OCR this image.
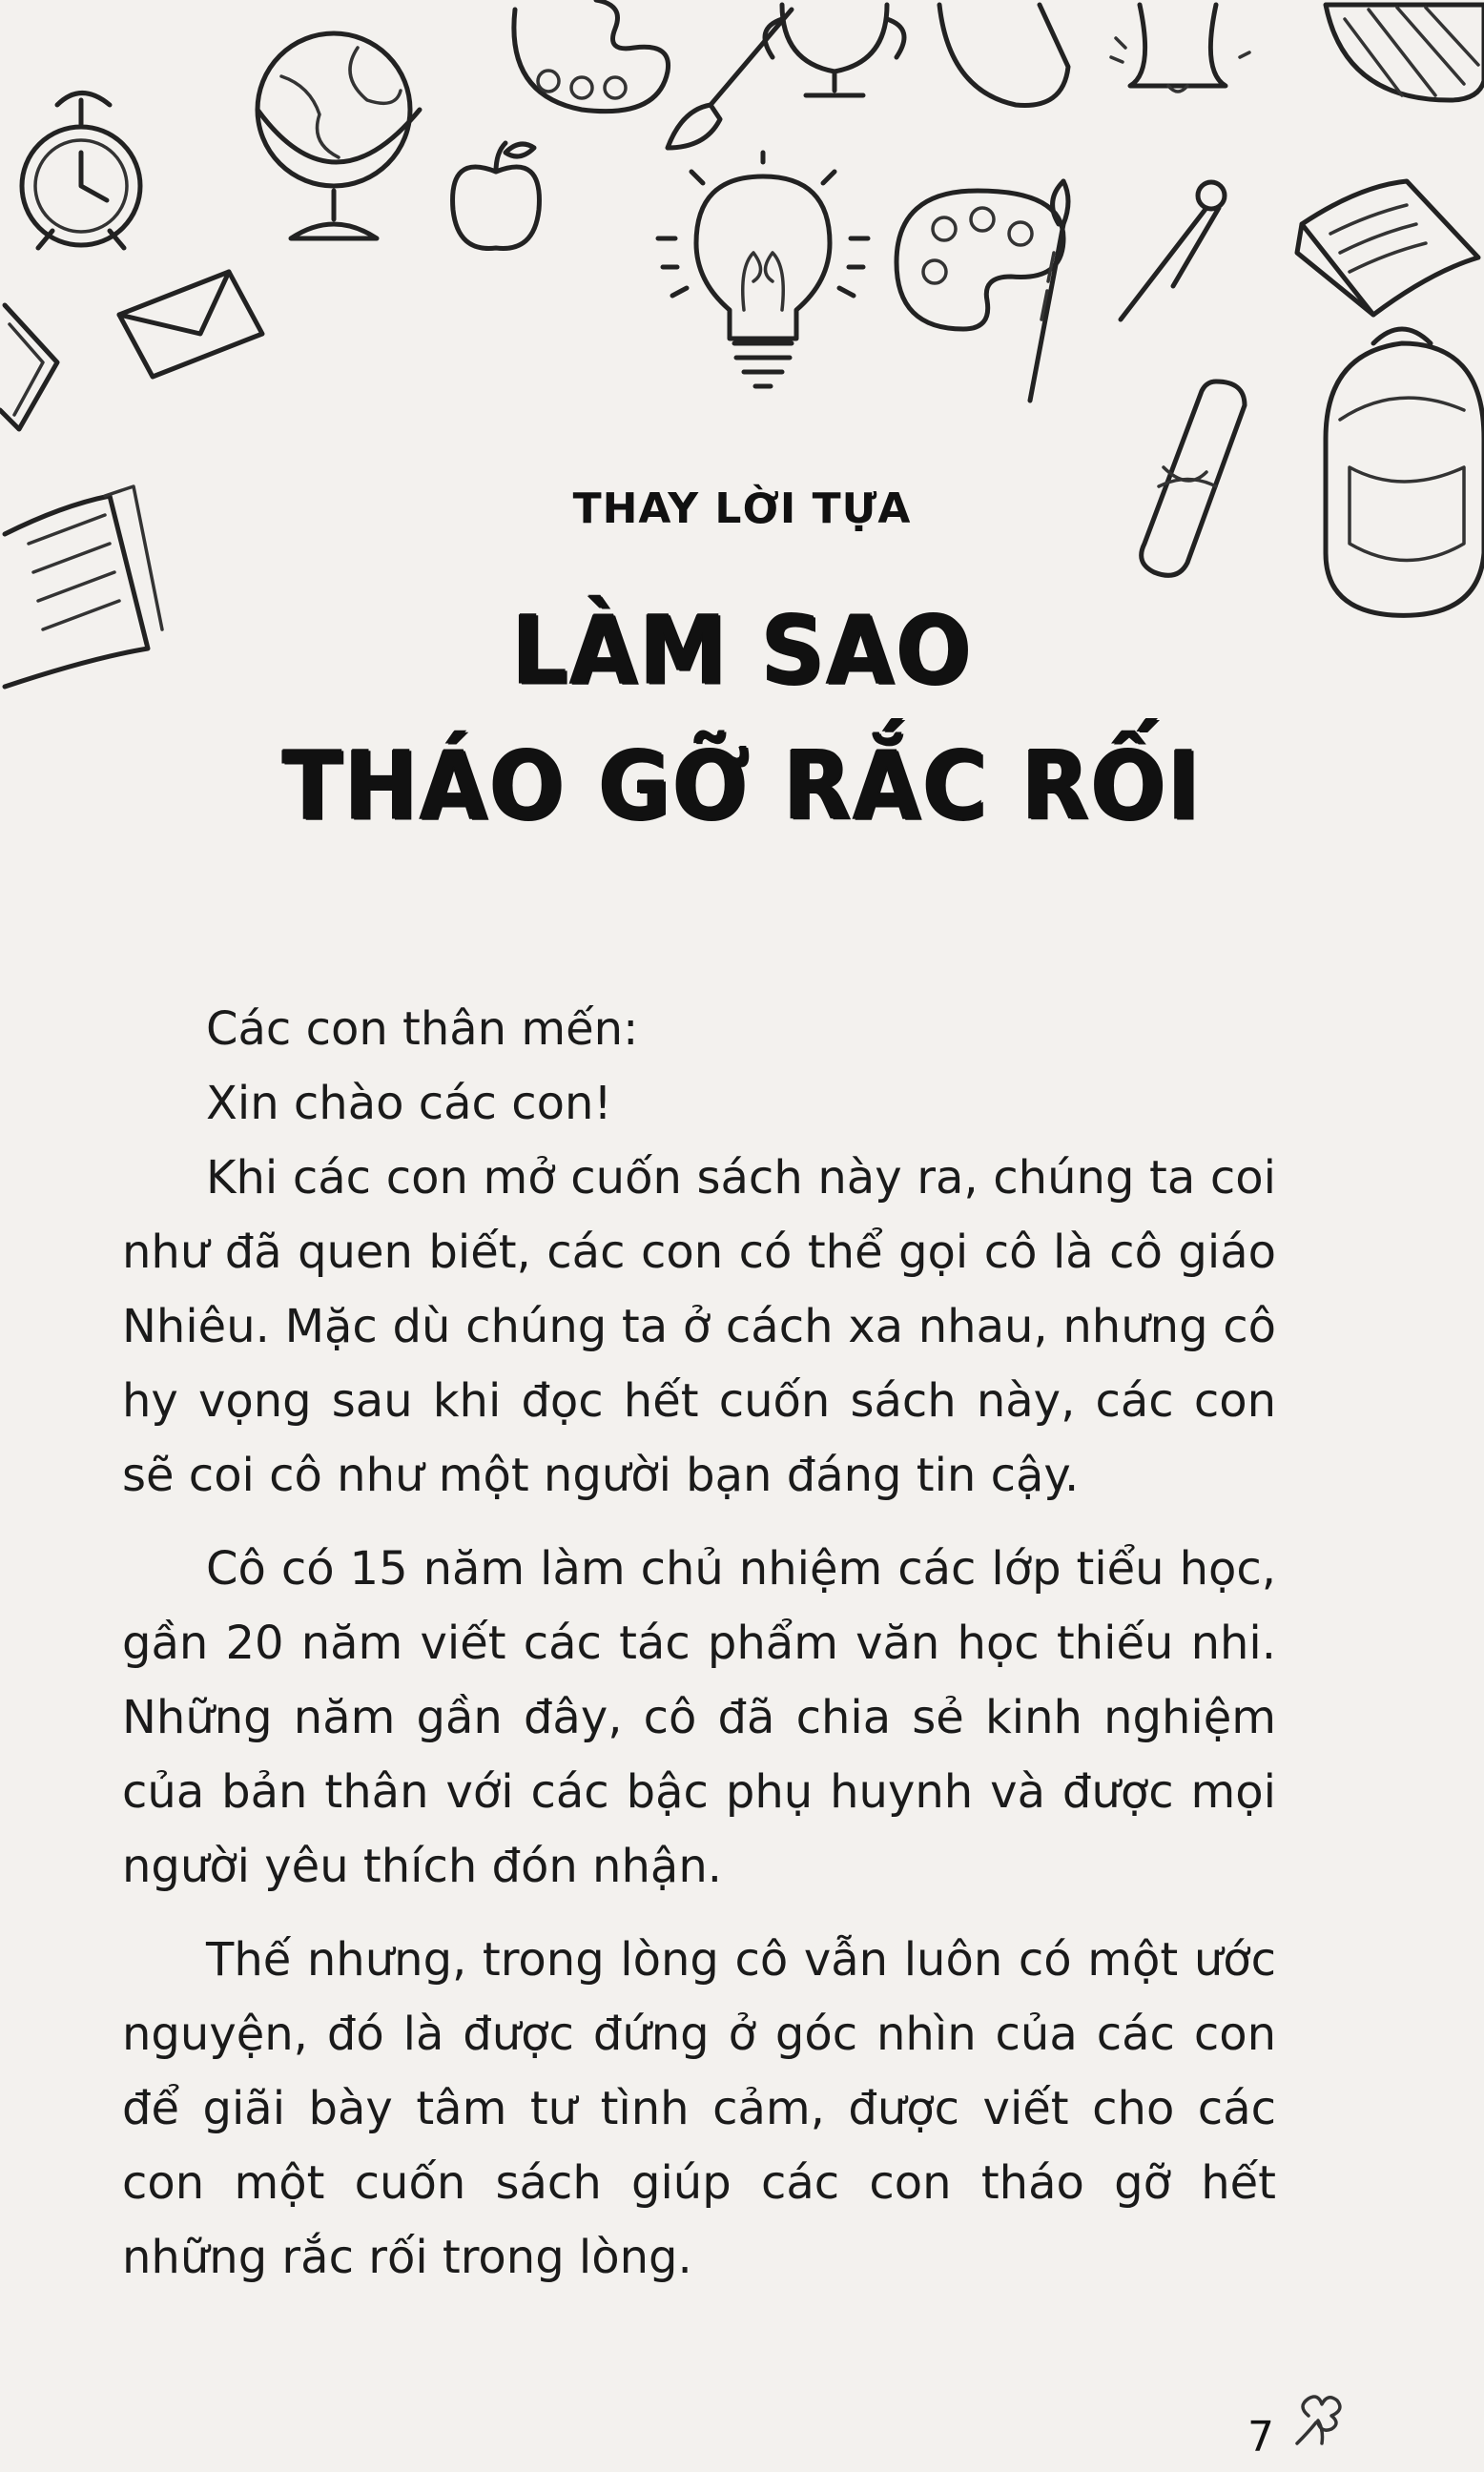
THAY LỜI TỰA
LÀM SAO
THÁO GỠ RẮC RỐI

Các con thân mến:

Xin chào các con!

Khi các con mở cuốn sách này ra, chúng ta coi như đã quen biết, các con có thể gọi cô là cô giáo Nhiêu. Mặc dù chúng ta ở cách xa nhau, nhưng cô hy vọng sau khi đọc hết cuốn sách này, các con sẽ coi cô như một người bạn đáng tin cậy.

Cô có 15 năm làm chủ nhiệm các lớp tiểu học, gần 20 năm viết các tác phẩm văn học thiếu nhi. Những năm gần đây, cô đã chia sẻ kinh nghiệm của bản thân với các bậc phụ huynh và được mọi người yêu thích đón nhận.

Thế nhưng, trong lòng cô vẫn luôn có một ước nguyện, đó là được đứng ở góc nhìn của các con để giãi bày tâm tư tình cảm, được viết cho các con một cuốn sách giúp các con tháo gỡ hết những rắc rối trong lòng.

7
